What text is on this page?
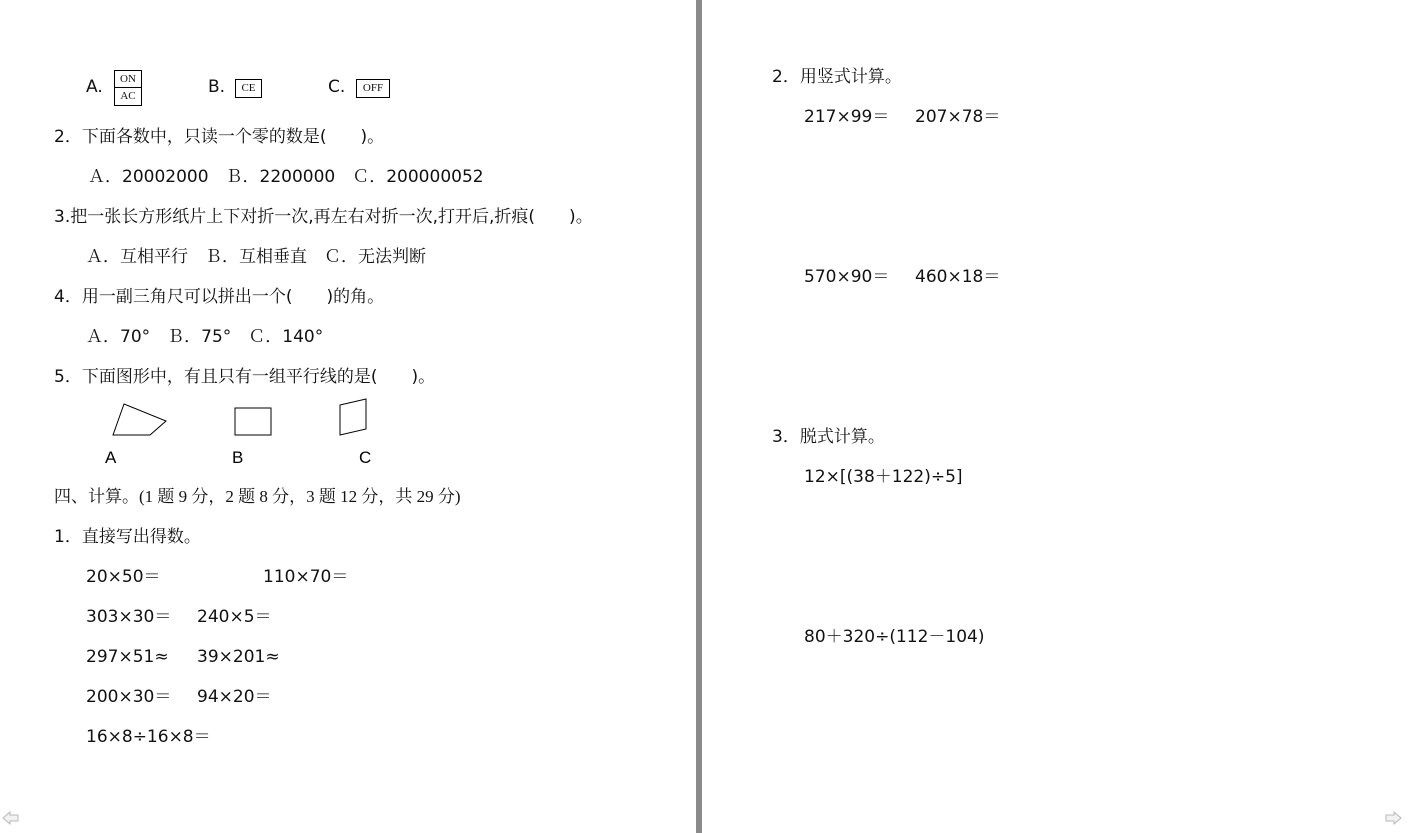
A.	ON
AC	B.	CE	C.	OFF
2．下面各数中，只读一个零的数是(　　)。
Ａ．20002000　Ｂ．2200000　Ｃ．200000052
3.把一张长方形纸片上下对折一次,再左右对折一次,打开后,折痕(　　)。
Ａ．互相平行　Ｂ．互相垂直　Ｃ．无法判断
4．用一副三角尺可以拼出一个(　　)的角。
Ａ．70°　Ｂ．75°　Ｃ．140°
5．下面图形中，有且只有一组平行线的是(　　)。
A	B	C
四、计算。(1 题 9 分，2 题 8 分，3 题 12 分，共 29 分)
1．直接写出得数。
20×50＝	110×70＝
303×30＝ 240×5＝
297×51≈ 39×201≈
200×30＝ 94×20＝
16×8÷16×8＝
2．用竖式计算。
217×99＝ 207×78＝
570×90＝ 460×18＝
3．脱式计算。
12×[(38＋122)÷5]
80＋320÷(112－104)
